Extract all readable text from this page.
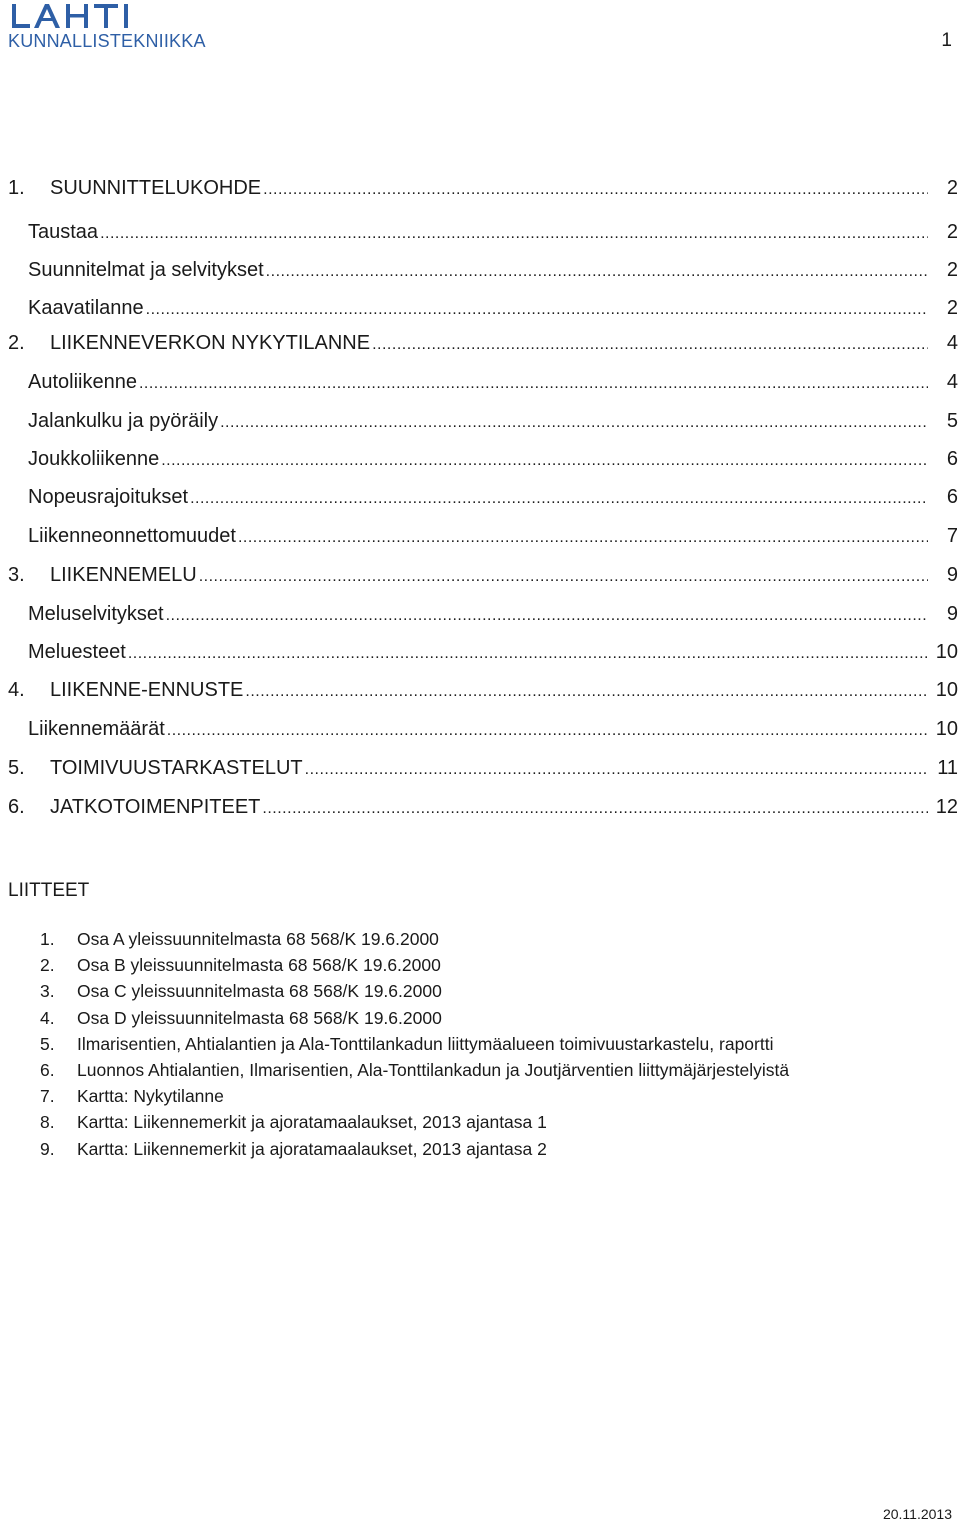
KUNNALLISTEKNIIKKA	1
1.	SUUNNITTELUKOHDE .....	2
Taustaa .....	2
Suunnitelmat ja selvitykset .....	2
Kaavatilanne .....	2
2.	LIIKENNEVERKON NYKYTILANNE .....	4
Autoliikenne .....	4
Jalankulku ja pyöräily .....	5
Joukkoliikenne .....	6
Nopeusrajoitukset .....	6
Liikenneonnettomuudet .....	7
3.	LIIKENNEMELU .....	9
Meluselvitykset .....	9
Meluesteet .....	10
4.	LIIKENNE-ENNUSTE .....	10
Liikennemäärät .....	10
5.	TOIMIVUUSTARKASTELUT .....	11
6.	JATKOTOIMENPITEET .....	12
LIITTEET
1. Osa A yleissuunnitelmasta 68 568/K 19.6.2000
2. Osa B yleissuunnitelmasta 68 568/K 19.6.2000
3. Osa C yleissuunnitelmasta 68 568/K 19.6.2000
4. Osa D yleissuunnitelmasta 68 568/K 19.6.2000
5. Ilmarisentien, Ahtialantien ja Ala-Tonttilankadun liittymäalueen toimivuustarkastelu, raportti
6. Luonnos Ahtialantien, Ilmarisentien, Ala-Tonttilankadun ja Joutjärventien liittymäjärjestelyistä
7. Kartta: Nykytilanne
8. Kartta: Liikennemerkit ja ajoratamaalaukset, 2013 ajantasa 1
9. Kartta: Liikennemerkit ja ajoratamaalaukset, 2013 ajantasa 2
20.11.2013
